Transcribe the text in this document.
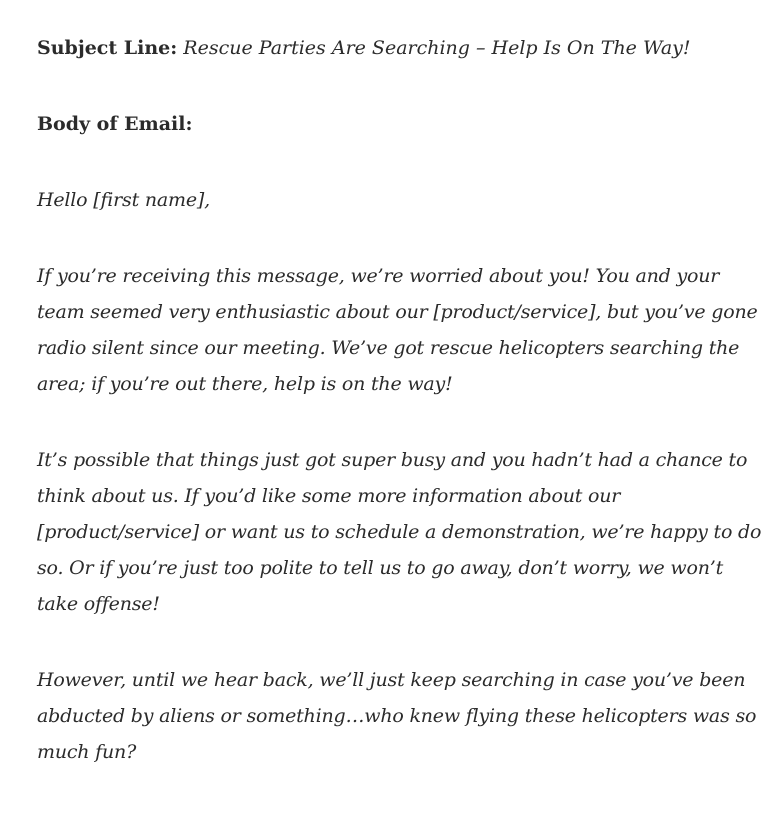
Subject Line: Rescue Parties Are Searching – Help Is On The Way!
Body of Email:

Hello [first name],

If you’re receiving this message, we’re worried about you! You and your team seemed very enthusiastic about our [product/service], but you’ve gone radio silent since our meeting. We’ve got rescue helicopters searching the area; if you’re out there, help is on the way!

It’s possible that things just got super busy and you hadn’t had a chance to think about us. If you’d like some more information about our [product/service] or want us to schedule a demonstration, we’re happy to do so. Or if you’re just too polite to tell us to go away, don’t worry, we won’t take offense!

However, until we hear back, we’ll just keep searching in case you’ve been abducted by aliens or something…who knew flying these helicopters was so much fun?
